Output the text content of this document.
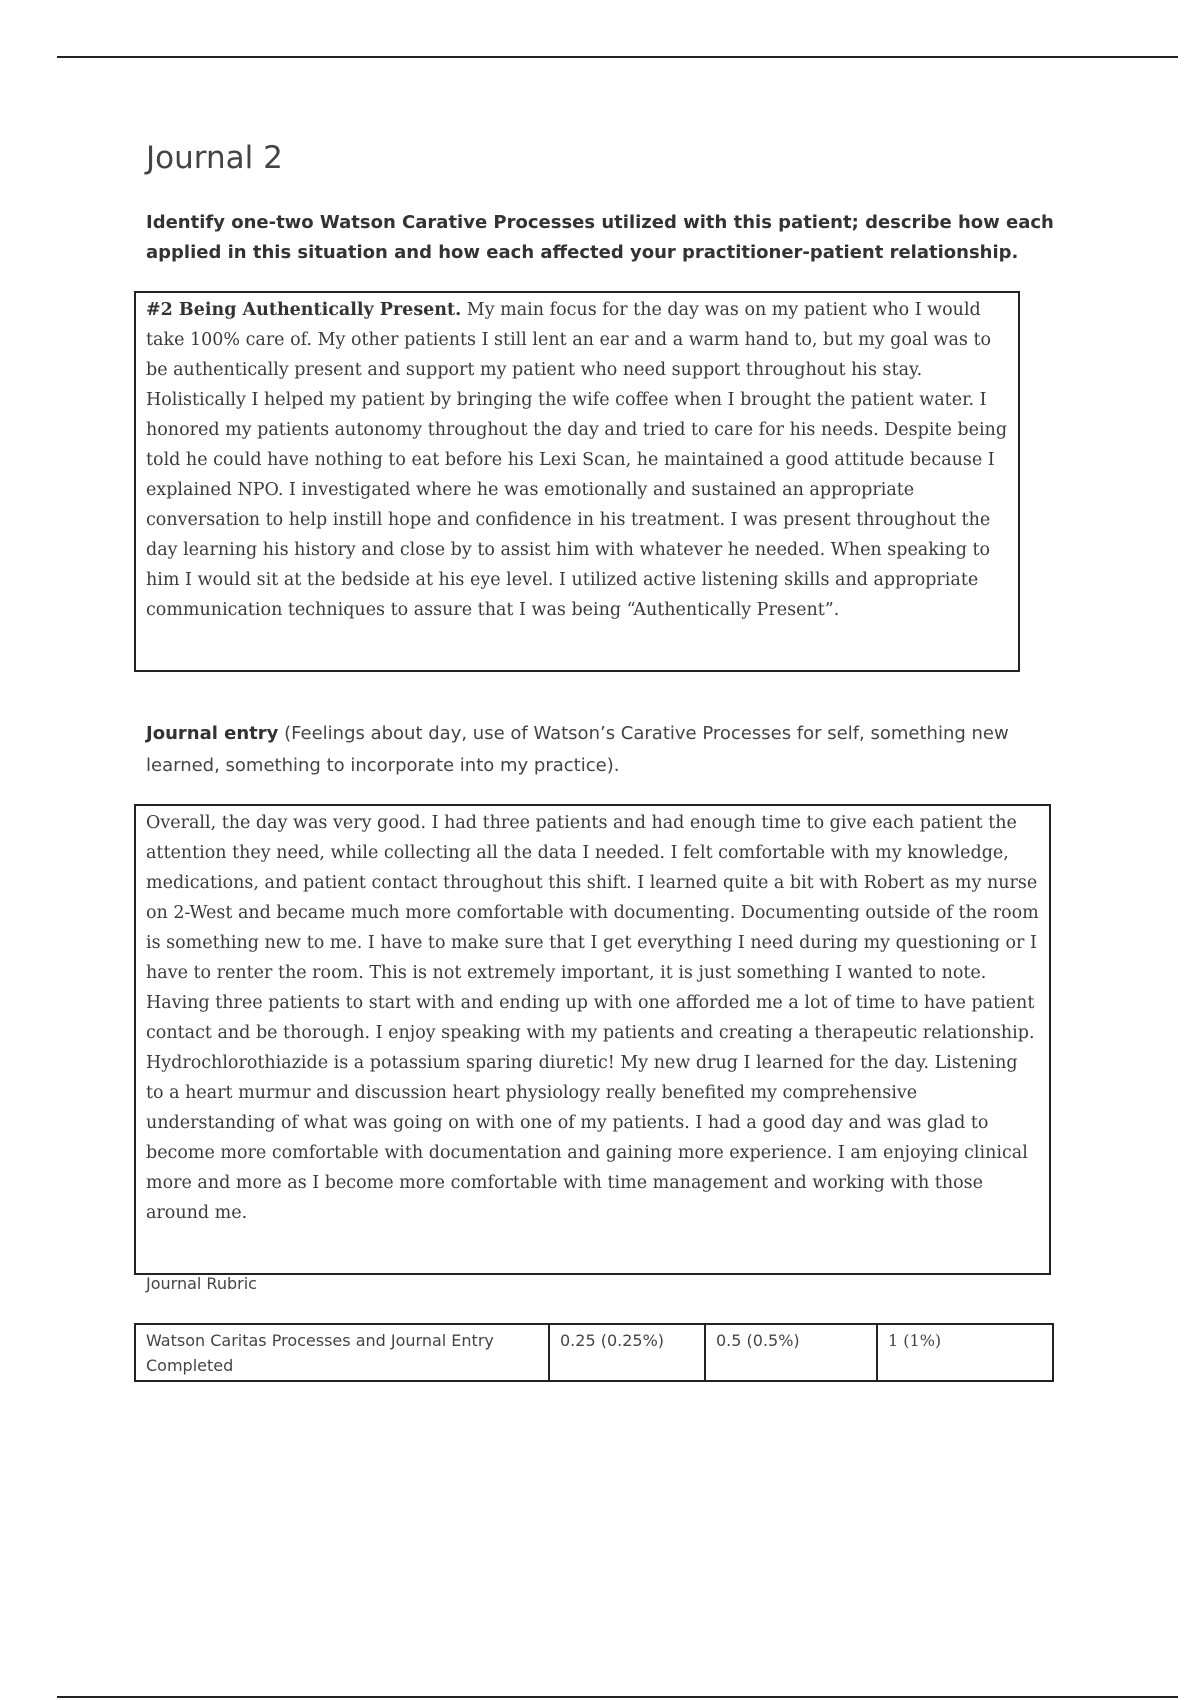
Journal 2

Identify one-two Watson Carative Processes utilized with this patient; describe how each applied in this situation and how each affected your practitioner-patient relationship.

#2 Being Authentically Present. My main focus for the day was on my patient who I would take 100% care of. My other patients I still lent an ear and a warm hand to, but my goal was to be authentically present and support my patient who need support throughout his stay. Holistically I helped my patient by bringing the wife coffee when I brought the patient water. I honored my patients autonomy throughout the day and tried to care for his needs. Despite being told he could have nothing to eat before his Lexi Scan, he maintained a good attitude because I explained NPO. I investigated where he was emotionally and sustained an appropriate conversation to help instill hope and confidence in his treatment. I was present throughout the day learning his history and close by to assist him with whatever he needed. When speaking to him I would sit at the bedside at his eye level. I utilized active listening skills and appropriate communication techniques to assure that I was being “Authentically Present”.

Journal entry (Feelings about day, use of Watson’s Carative Processes for self, something new learned, something to incorporate into my practice).

Overall, the day was very good. I had three patients and had enough time to give each patient the attention they need, while collecting all the data I needed. I felt comfortable with my knowledge, medications, and patient contact throughout this shift. I learned quite a bit with Robert as my nurse on 2-West and became much more comfortable with documenting. Documenting outside of the room is something new to me. I have to make sure that I get everything I need during my questioning or I have to renter the room. This is not extremely important, it is just something I wanted to note. Having three patients to start with and ending up with one afforded me a lot of time to have patient contact and be thorough. I enjoy speaking with my patients and creating a therapeutic relationship. Hydrochlorothiazide is a potassium sparing diuretic! My new drug I learned for the day. Listening to a heart murmur and discussion heart physiology really benefited my comprehensive understanding of what was going on with one of my patients. I had a good day and was glad to become more comfortable with documentation and gaining more experience. I am enjoying clinical more and more as I become more comfortable with time management and working with those around me.

Journal Rubric

Watson Caritas Processes and Journal Entry Completed	0.25 (0.25%)	0.5 (0.5%)	1 (1%)
